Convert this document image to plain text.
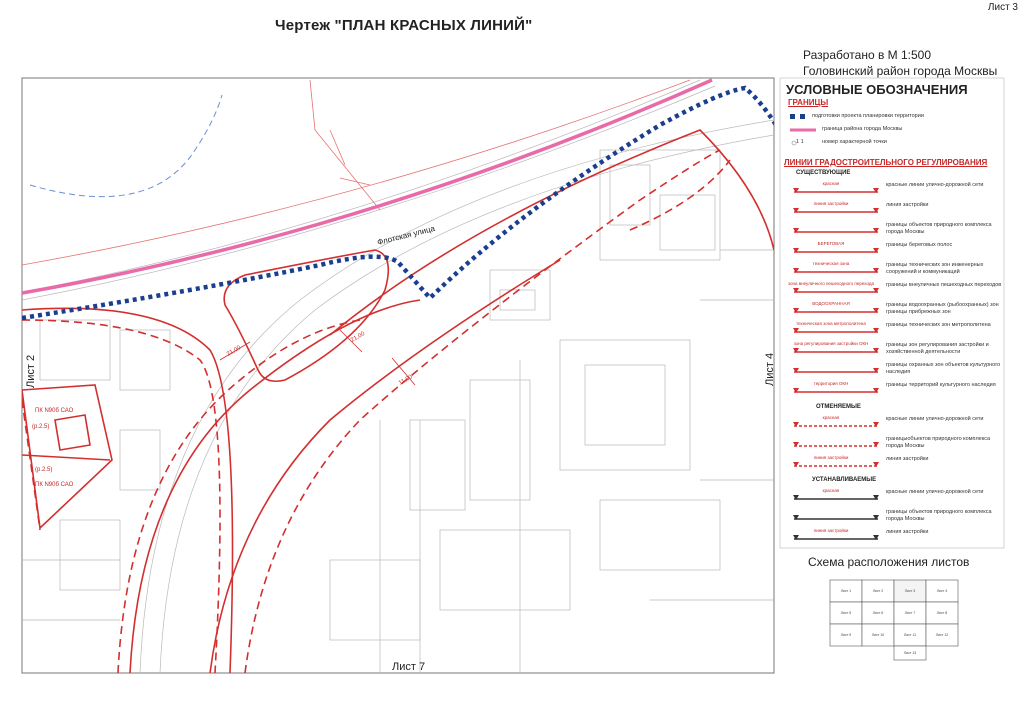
Лист 3
Чертеж "ПЛАН КРАСНЫХ ЛИНИЙ"
Разработано в М 1:500
Головинский район города Москвы
Флотская улица
Лист 2	Лист 4
Лист 7
ПК N90б САО
(р.2.5)
(р.2.5)
ПК N90б САО
21,00
21,00
11,00
УСЛОВНЫЕ ОБОЗНАЧЕНИЯ
ГРАНИЦЫ
подготовки проекта планировки территории
граница района города Москвы
1 1	номер характерной точки
ЛИНИИ ГРАДОСТРОИТЕЛЬНОГО РЕГУЛИРОВАНИЯ
СУЩЕСТВУЮЩИЕ
красная	красные линии улично-дорожной сети
линия застройки	линия застройки
границы объектов природного комплекса города Москвы
БЕРЕГОВАЯ	границы береговых полос
техническая зона	границы технических зон инженерных сооружений и коммуникаций
зона внеуличного пешеходного перехода	границы внеуличных пешеходных переходов
ВОДООХРАННАЯ	границы водоохранных (рыбоохранных) зон границы прибрежных зон
техническая зона метрополитена	границы технических зон метрополитена
зона регулирования застройки ОКН	границы зон регулирования застройки и хозяйственной деятельности
границы охранных зон объектов культурного наследия
территория ОКН	границы территорий культурного наследия
ОТМЕНЯЕМЫЕ
красная	красные линии улично-дорожной сети
границыобъектов природного комплекса города Москвы
линия застройки	линия застройки
УСТАНАВЛИВАЕМЫЕ
красная	красные линии улично-дорожной сети
границы объектов природного комплекса города Москвы
линия застройки	линия застройки
Схема расположения листов
Лист 1	Лист 2	Лист 3	Лист 4
Лист 5	Лист 6	Лист 7	Лист 8
Лист 9	Лист 10	Лист 11	Лист 12
Лист 13
